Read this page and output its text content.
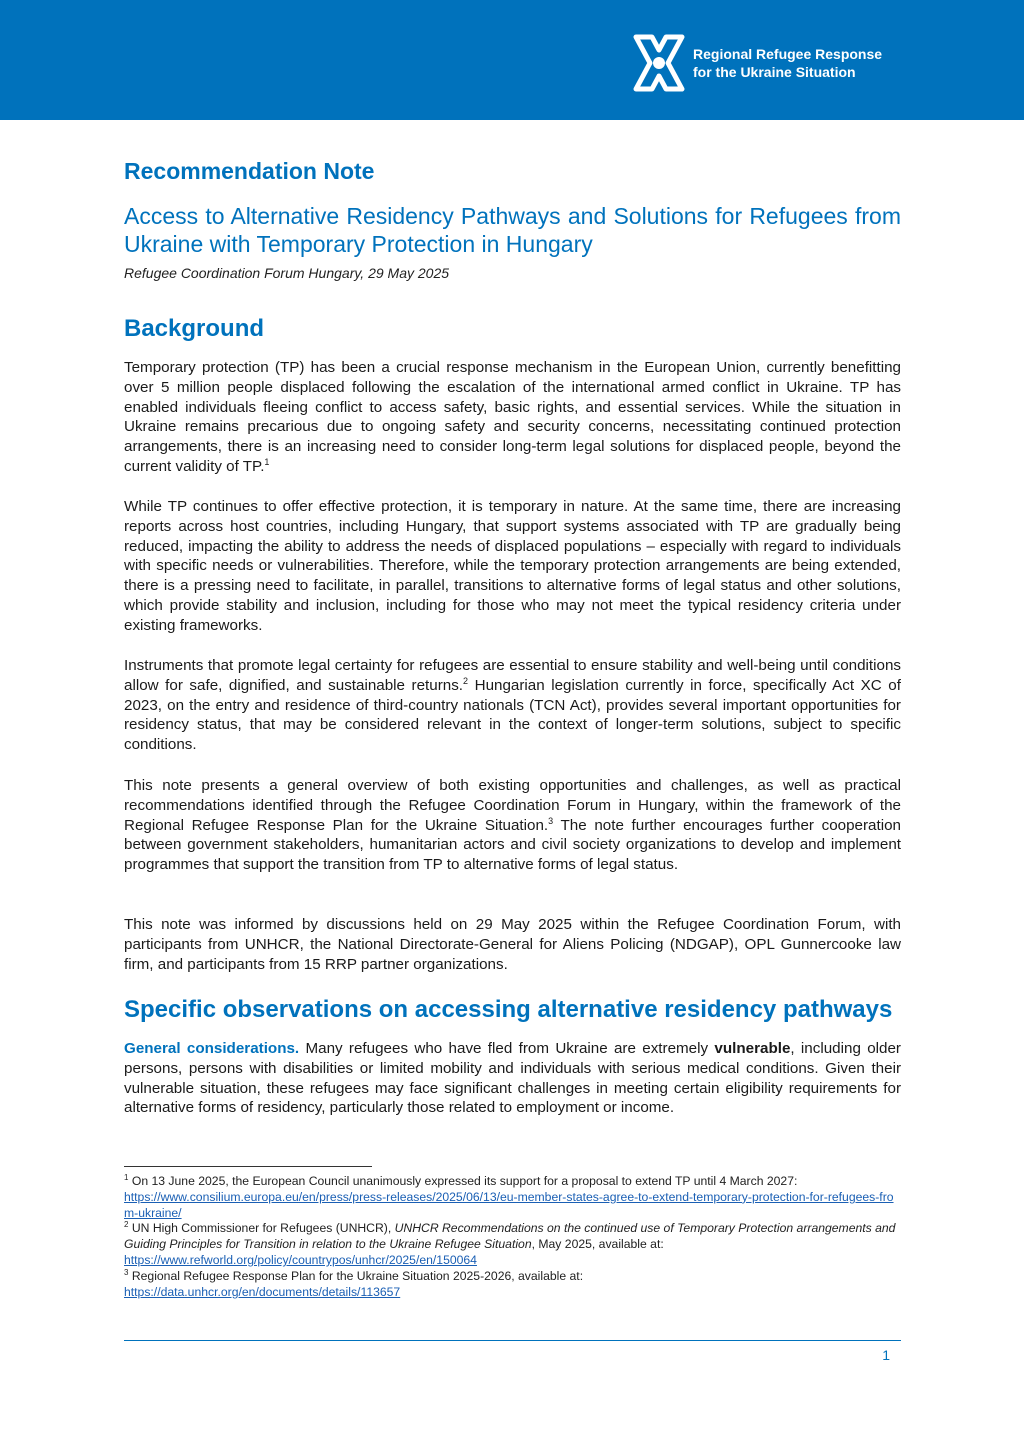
Regional Refugee Response
for the Ukraine Situation
Recommendation Note
Access to Alternative Residency Pathways and Solutions for Refugees from Ukraine with Temporary Protection in Hungary
Refugee Coordination Forum Hungary, 29 May 2025
Background

Temporary protection (TP) has been a crucial response mechanism in the European Union, currently benefitting over 5 million people displaced following the escalation of the international armed conflict in Ukraine. TP has enabled individuals fleeing conflict to access safety, basic rights, and essential services. While the situation in Ukraine remains precarious due to ongoing safety and security concerns, necessitating continued protection arrangements, there is an increasing need to consider long-term legal solutions for displaced people, beyond the current validity of TP.$^1$

While TP continues to offer effective protection, it is temporary in nature. At the same time, there are increasing reports across host countries, including Hungary, that support systems associated with TP are gradually being reduced, impacting the ability to address the needs of displaced populations – especially with regard to individuals with specific needs or vulnerabilities. Therefore, while the temporary protection arrangements are being extended, there is a pressing need to facilitate, in parallel, transitions to alternative forms of legal status and other solutions, which provide stability and inclusion, including for those who may not meet the typical residency criteria under existing frameworks.

Instruments that promote legal certainty for refugees are essential to ensure stability and well-being until conditions allow for safe, dignified, and sustainable returns.$^2$ Hungarian legislation currently in force, specifically Act XC of 2023, on the entry and residence of third-country nationals (TCN Act), provides several important opportunities for residency status, that may be considered relevant in the context of longer-term solutions, subject to specific conditions.

This note presents a general overview of both existing opportunities and challenges, as well as practical recommendations identified through the Refugee Coordination Forum in Hungary, within the framework of the Regional Refugee Response Plan for the Ukraine Situation.$^3$ The note further encourages further cooperation between government stakeholders, humanitarian actors and civil society organizations to develop and implement programmes that support the transition from TP to alternative forms of legal status.

This note was informed by discussions held on 29 May 2025 within the Refugee Coordination Forum, with participants from UNHCR, the National Directorate-General for Aliens Policing (NDGAP), OPL Gunnercooke law firm, and participants from 15 RRP partner organizations.

Specific observations on accessing alternative residency pathways

General considerations. Many refugees who have fled from Ukraine are extremely vulnerable, including older persons, persons with disabilities or limited mobility and individuals with serious medical conditions. Given their vulnerable situation, these refugees may face significant challenges in meeting certain eligibility requirements for alternative forms of residency, particularly those related to employment or income.

$^1$ On 13 June 2025, the European Council unanimously expressed its support for a proposal to extend TP until 4 March 2027:
https://www.consilium.europa.eu/en/press/press-releases/2025/06/13/eu-member-states-agree-to-extend-temporary-protection-for-refugees-from-ukraine/

$^2$ UN High Commissioner for Refugees (UNHCR), UNHCR Recommendations on the continued use of Temporary Protection arrangements and Guiding Principles for Transition in relation to the Ukraine Refugee Situation, May 2025, available at:
https://www.refworld.org/policy/countrypos/unhcr/2025/en/150064

$^3$ Regional Refugee Response Plan for the Ukraine Situation 2025-2026, available at:
https://data.unhcr.org/en/documents/details/113657

1
